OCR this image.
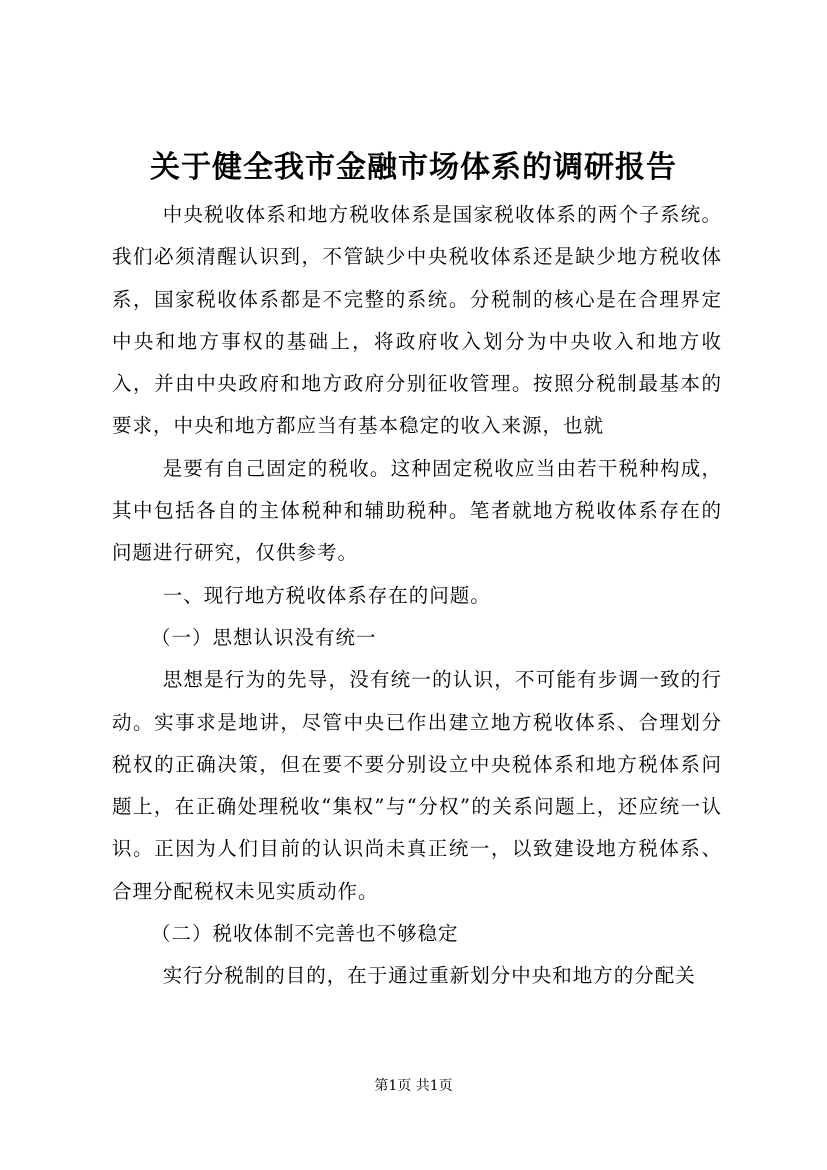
关于健全我市金融市场体系的调研报告

中央税收体系和地方税收体系是国家税收体系的两个子系统。我们必须清醒认识到，不管缺少中央税收体系还是缺少地方税收体系，国家税收体系都是不完整的系统。分税制的核心是在合理界定中央和地方事权的基础上，将政府收入划分为中央收入和地方收入，并由中央政府和地方政府分别征收管理。按照分税制最基本的要求，中央和地方都应当有基本稳定的收入来源，也就

是要有自己固定的税收。这种固定税收应当由若干税种构成，其中包括各自的主体税种和辅助税种。笔者就地方税收体系存在的问题进行研究，仅供参考。

一、现行地方税收体系存在的问题。

（一）思想认识没有统一

思想是行为的先导，没有统一的认识，不可能有步调一致的行动。实事求是地讲，尽管中央已作出建立地方税收体系、合理划分税权的正确决策，但在要不要分别设立中央税体系和地方税体系问题上，在正确处理税收“集权”与“分权”的关系问题上，还应统一认识。正因为人们目前的认识尚未真正统一，以致建设地方税体系、合理分配税权未见实质动作。

（二）税收体制不完善也不够稳定

实行分税制的目的，在于通过重新划分中央和地方的分配关

第1页 共1页
